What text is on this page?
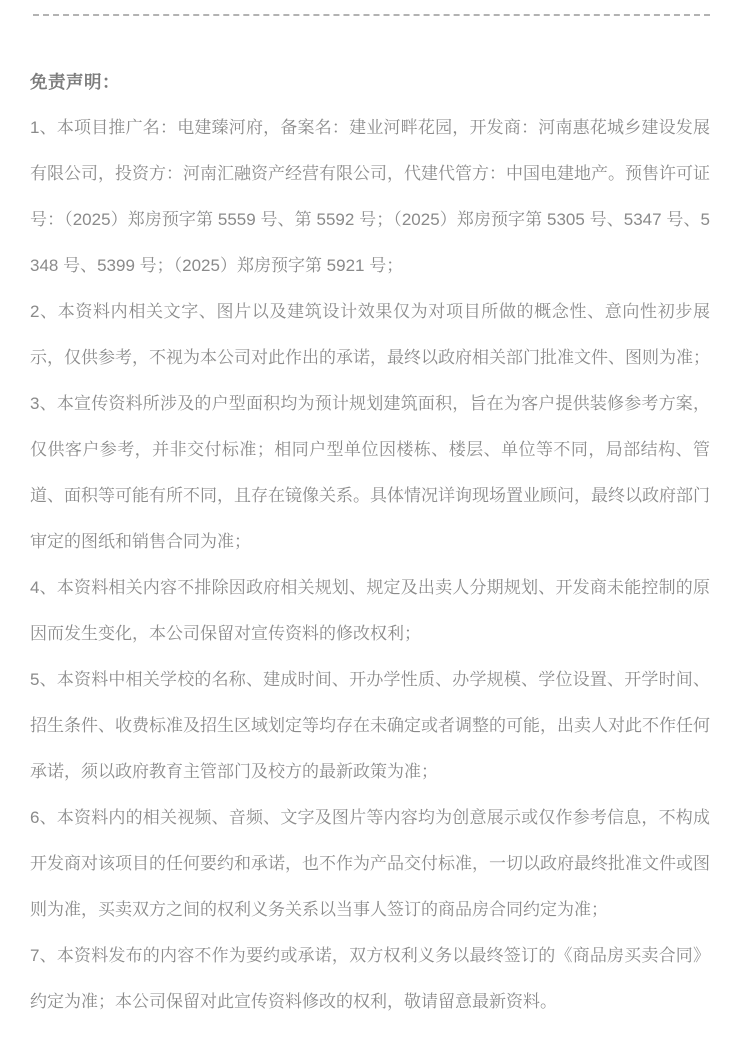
免责声明：

1、本项目推广名：电建臻河府，备案名：建业河畔花园，开发商：河南惠花城乡建设发展有限公司，投资方：河南汇融资产经营有限公司，代建代管方：中国电建地产。预售许可证号：（2025）郑房预字第 5559 号、第 5592 号；（2025）郑房预字第 5305 号、5347 号、5348 号、5399 号；（2025）郑房预字第 5921 号；

2、本资料内相关文字、图片以及建筑设计效果仅为对项目所做的概念性、意向性初步展示，仅供参考，不视为本公司对此作出的承诺，最终以政府相关部门批准文件、图则为准；

3、本宣传资料所涉及的户型面积均为预计规划建筑面积，旨在为客户提供装修参考方案，仅供客户参考，并非交付标准；相同户型单位因楼栋、楼层、单位等不同，局部结构、管道、面积等可能有所不同，且存在镜像关系。具体情况详询现场置业顾问，最终以政府部门审定的图纸和销售合同为准；

4、本资料相关内容不排除因政府相关规划、规定及出卖人分期规划、开发商未能控制的原因而发生变化，本公司保留对宣传资料的修改权利；

5、本资料中相关学校的名称、建成时间、开办学性质、办学规模、学位设置、开学时间、招生条件、收费标准及招生区域划定等均存在未确定或者调整的可能，出卖人对此不作任何承诺，须以政府教育主管部门及校方的最新政策为准；

6、本资料内的相关视频、音频、文字及图片等内容均为创意展示或仅作参考信息，不构成开发商对该项目的任何要约和承诺，也不作为产品交付标准，一切以政府最终批准文件或图则为准，买卖双方之间的权利义务关系以当事人签订的商品房合同约定为准；

7、本资料发布的内容不作为要约或承诺，双方权利义务以最终签订的《商品房买卖合同》约定为准；本公司保留对此宣传资料修改的权利，敬请留意最新资料。
